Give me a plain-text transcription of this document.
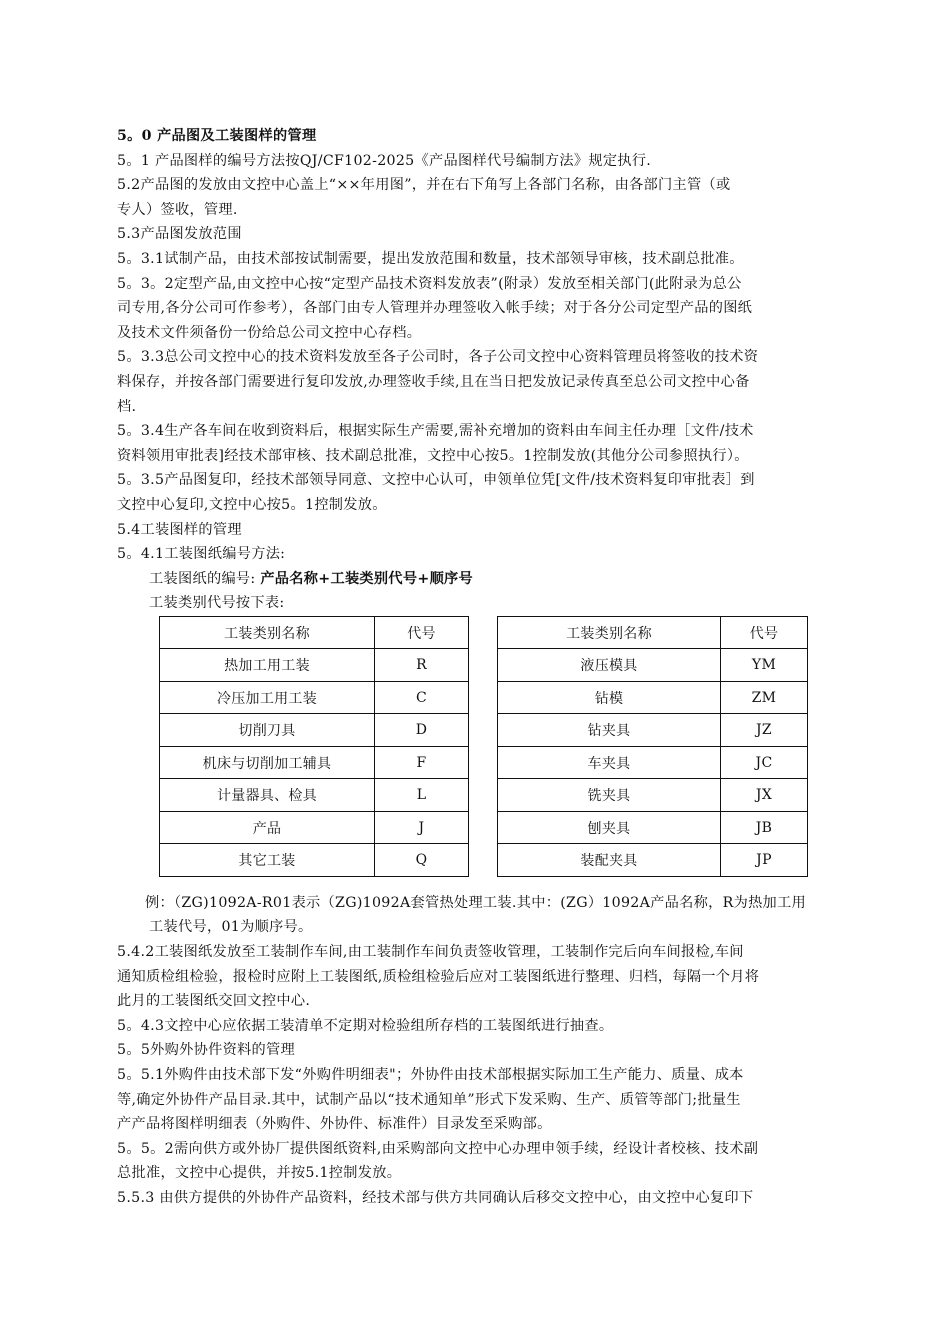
5。0 产品图及工装图样的管理
5。1 产品图样的编号方法按QJ/CF102-2025《产品图样代号编制方法》规定执行.
5.2产品图的发放由文控中心盖上“××年用图”，并在右下角写上各部门名称，由各部门主管（或
专人）签收，管理.
5.3产品图发放范围
5。3.1试制产品，由技术部按试制需要，提出发放范围和数量，技术部领导审核，技术副总批准。
5。3。2定型产品,由文控中心按“定型产品技术资料发放表”(附录）发放至相关部门(此附录为总公
司专用,各分公司可作参考），各部门由专人管理并办理签收入帐手续；对于各分公司定型产品的图纸
及技术文件须备份一份给总公司文控中心存档。
5。3.3总公司文控中心的技术资料发放至各子公司时，各子公司文控中心资料管理员将签收的技术资
料保存，并按各部门需要进行复印发放,办理签收手续,且在当日把发放记录传真至总公司文控中心备
档.
5。3.4生产各车间在收到资料后，根据实际生产需要,需补充增加的资料由车间主任办理［文件/技术
资料领用审批表]经技术部审核、技术副总批准，文控中心按5。1控制发放(其他分公司参照执行）。
5。3.5产品图复印，经技术部领导同意、文控中心认可，申领单位凭[文件/技术资料复印审批表］到
文控中心复印,文控中心按5。1控制发放。
5.4工装图样的管理
5。4.1工装图纸编号方法:
工装图纸的编号: 产品名称+工装类别代号+顺序号
工装类别代号按下表:
工装类别名称	代号
热加工用工装	R
冷压加工用工装	C
切削刀具	D
机床与切削加工辅具	F
计量器具、检具	L
产品	J
其它工装	Q
工装类别名称	代号
液压模具	YM
钻模	ZM
钻夹具	JZ
车夹具	JC
铣夹具	JX
刨夹具	JB
装配夹具	JP
例：（ZG)1092A-R01表示（ZG)1092A套管热处理工装.其中：(ZG）1092A产品名称，R为热加工用
工装代号，01为顺序号。
5.4.2工装图纸发放至工装制作车间,由工装制作车间负责签收管理，工装制作完后向车间报检,车间
通知质检组检验，报检时应附上工装图纸,质检组检验后应对工装图纸进行整理、归档，每隔一个月将
此月的工装图纸交回文控中心.
5。4.3文控中心应依据工装清单不定期对检验组所存档的工装图纸进行抽查。
5。5外购外协件资料的管理
5。5.1外购件由技术部下发“外购件明细表"；外协件由技术部根据实际加工生产能力、质量、成本
等,确定外协件产品目录.其中，试制产品以“技术通知单”形式下发采购、生产、质管等部门;批量生
产产品将图样明细表（外购件、外协件、标准件）目录发至采购部。
5。5。2需向供方或外协厂提供图纸资料,由采购部向文控中心办理申领手续，经设计者校核、技术副
总批准，文控中心提供，并按5.1控制发放。
5.5.3 由供方提供的外协件产品资料，经技术部与供方共同确认后移交文控中心，由文控中心复印下
